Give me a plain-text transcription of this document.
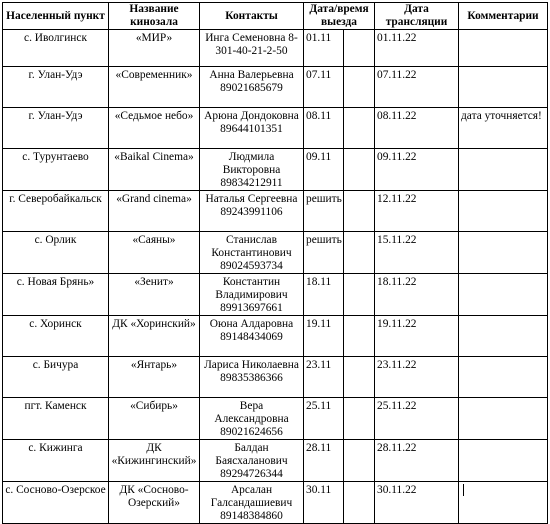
Населенный пункт	Название кинозала	Контакты	Дата/время выезда		Дата трансляции	Комментарии
с. Иволгинск	«МИР»	Инга Семеновна 8-301-40-21-2-50	01.11		01.11.22	
г. Улан-Удэ	«Современник»	Анна Валерьевна 89021685679	07.11		07.11.22	
г. Улан-Удэ	«Седьмое небо»	Арюна Дондоковна 89644101351	08.11		08.11.22	дата уточняется!
с. Турунтаево	«Baikal Cinema»	Людмила Викторовна 89834212911	09.11		09.11.22	
г. Северобайкальск	«Grand cinema»	Наталья Сергеевна 89243991106	решить		12.11.22	
с. Орлик	«Саяны»	Станислав Константинович 89024593734	решить		15.11.22	
с. Новая Брянь»	«Зенит»	Константин Владимирович 89913697661	18.11		18.11.22	
с. Хоринск	ДК «Хоринский»	Оюна Алдаровна 89148434069	19.11		19.11.22	
с. Бичура	«Янтарь»	Лариса Николаевна 89835386366	23.11		23.11.22	
пгт. Каменск	«Сибирь»	Вера Александровна 89021624656	25.11		25.11.22	
с. Кижинга	ДК «Кижингинский»	Балдан Баясхаланович 89294726344	28.11		28.11.22	
с. Сосново-Озерское	ДК «Сосново-Озерский»	Арсалан Галсандашиевич 89148384860	30.11		30.11.22	
